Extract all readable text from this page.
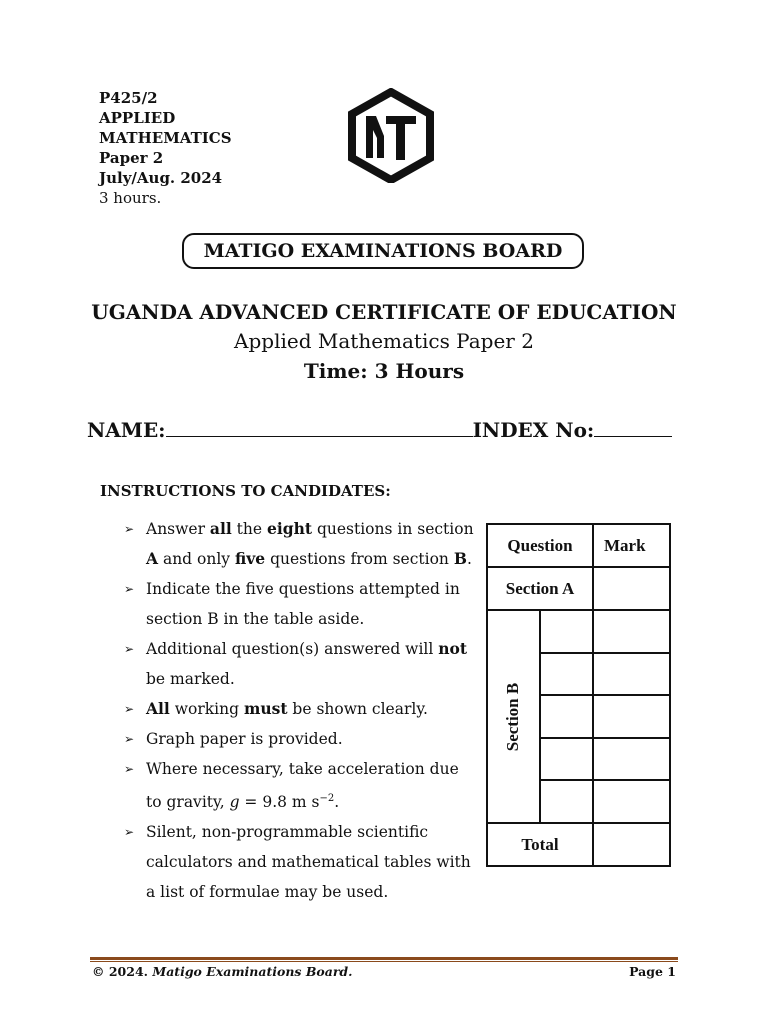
P425/2
APPLIED
MATHEMATICS
Paper 2
July/Aug. 2024
3 hours.
MATIGO EXAMINATIONS BOARD
UGANDA ADVANCED CERTIFICATE OF EDUCATION
Applied Mathematics Paper 2
Time: 3 Hours
NAME:	INDEX No:
INSTRUCTIONS TO CANDIDATES:
➢ Answer all the eight questions in section A and only five questions from section B.
➢ Indicate the five questions attempted in section B in the table aside.
➢ Additional question(s) answered will not be marked.
➢ All working must be shown clearly.
➢ Graph paper is provided.
➢ Where necessary, take acceleration due to gravity, g = 9.8 m $s^{-2}$.
➢ Silent, non-programmable scientific calculators and mathematical tables with a list of formulae may be used.
Question	Mark
Section A
Section B
Total
© 2024. Matigo Examinations Board.	Page 1
